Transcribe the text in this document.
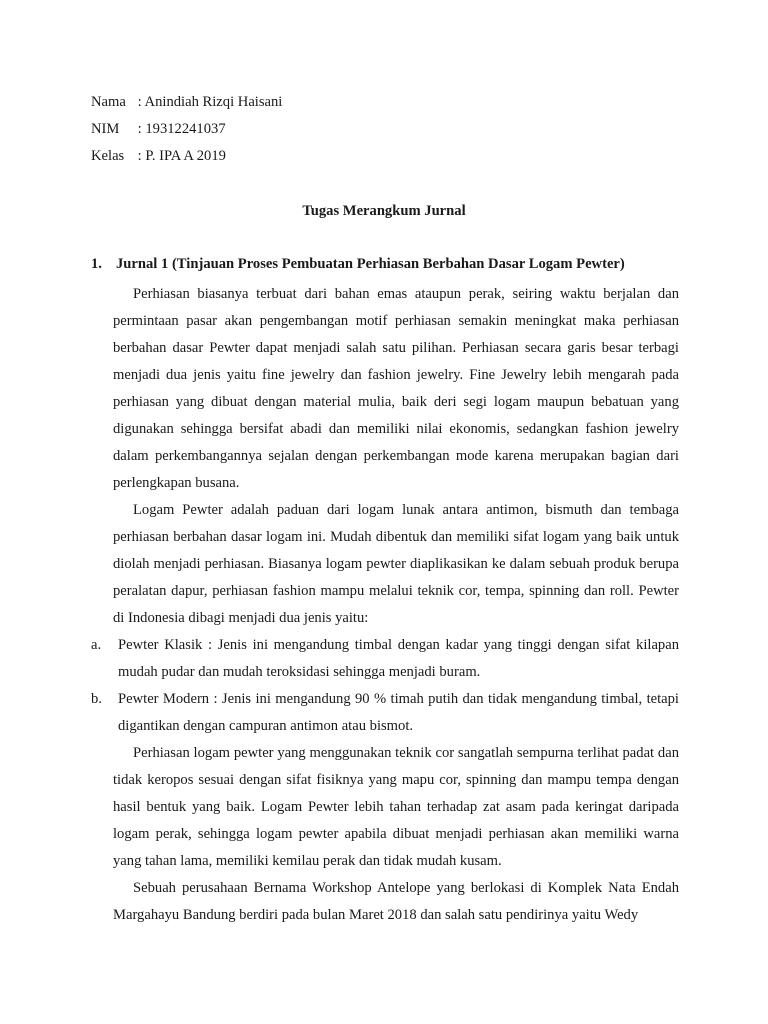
Nama : Anindiah Rizqi Haisani
NIM : 19312241037
Kelas : P. IPA A 2019
Tugas Merangkum Jurnal
1. Jurnal 1 (Tinjauan Proses Pembuatan Perhiasan Berbahan Dasar Logam Pewter)

Perhiasan biasanya terbuat dari bahan emas ataupun perak, seiring waktu berjalan dan permintaan pasar akan pengembangan motif perhiasan semakin meningkat maka perhiasan berbahan dasar Pewter dapat menjadi salah satu pilihan. Perhiasan secara garis besar terbagi menjadi dua jenis yaitu fine jewelry dan fashion jewelry. Fine Jewelry lebih mengarah pada perhiasan yang dibuat dengan material mulia, baik deri segi logam maupun bebatuan yang digunakan sehingga bersifat abadi dan memiliki nilai ekonomis, sedangkan fashion jewelry dalam perkembangannya sejalan dengan perkembangan mode karena merupakan bagian dari perlengkapan busana.

Logam Pewter adalah paduan dari logam lunak antara antimon, bismuth dan tembaga perhiasan berbahan dasar logam ini. Mudah dibentuk dan memiliki sifat logam yang baik untuk diolah menjadi perhiasan. Biasanya logam pewter diaplikasikan ke dalam sebuah produk berupa peralatan dapur, perhiasan fashion mampu melalui teknik cor, tempa, spinning dan roll. Pewter di Indonesia dibagi menjadi dua jenis yaitu:

a. Pewter Klasik : Jenis ini mengandung timbal dengan kadar yang tinggi dengan sifat kilapan mudah pudar dan mudah teroksidasi sehingga menjadi buram.
b. Pewter Modern : Jenis ini mengandung 90 % timah putih dan tidak mengandung timbal, tetapi digantikan dengan campuran antimon atau bismot.

Perhiasan logam pewter yang menggunakan teknik cor sangatlah sempurna terlihat padat dan tidak keropos sesuai dengan sifat fisiknya yang mapu cor, spinning dan mampu tempa dengan hasil bentuk yang baik. Logam Pewter lebih tahan terhadap zat asam pada keringat daripada logam perak, sehingga logam pewter apabila dibuat menjadi perhiasan akan memiliki warna yang tahan lama, memiliki kemilau perak dan tidak mudah kusam.

Sebuah perusahaan Bernama Workshop Antelope yang berlokasi di Komplek Nata Endah Margahayu Bandung berdiri pada bulan Maret 2018 dan salah satu pendirinya yaitu Wedy
